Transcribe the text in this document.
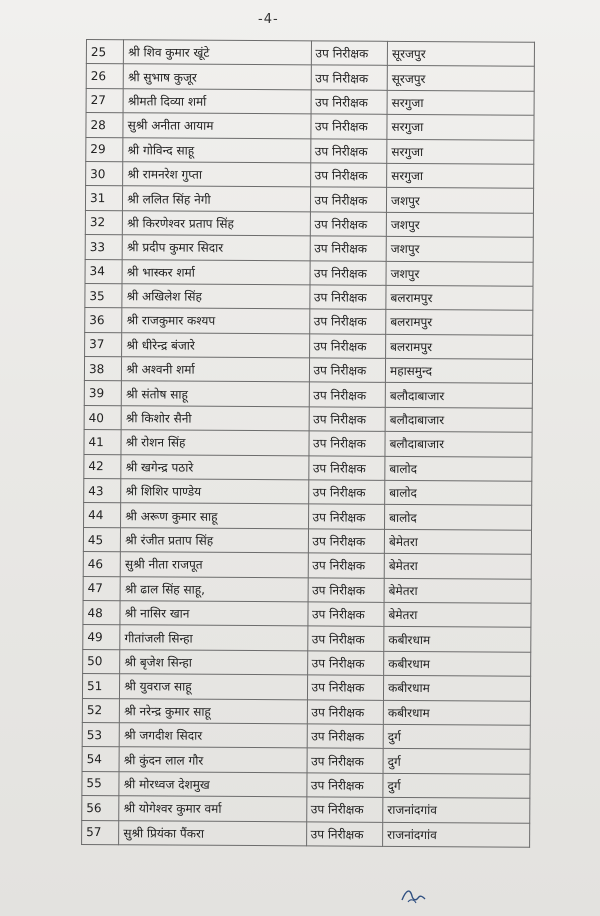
-4-
25	श्री शिव कुमार खूंटे	उप निरीक्षक	सूरजपुर
26	श्री सुभाष कुजूर	उप निरीक्षक	सूरजपुर
27	श्रीमती दिव्या शर्मा	उप निरीक्षक	सरगुजा
28	सुश्री अनीता आयाम	उप निरीक्षक	सरगुजा
29	श्री गोविन्द साहू	उप निरीक्षक	सरगुजा
30	श्री रामनरेश गुप्ता	उप निरीक्षक	सरगुजा
31	श्री ललित सिंह नेगी	उप निरीक्षक	जशपुर
32	श्री किरणेश्वर प्रताप सिंह	उप निरीक्षक	जशपुर
33	श्री प्रदीप कुमार सिदार	उप निरीक्षक	जशपुर
34	श्री भास्कर शर्मा	उप निरीक्षक	जशपुर
35	श्री अखिलेश सिंह	उप निरीक्षक	बलरामपुर
36	श्री राजकुमार कश्यप	उप निरीक्षक	बलरामपुर
37	श्री धीरेन्द्र बंजारे	उप निरीक्षक	बलरामपुर
38	श्री अश्वनी शर्मा	उप निरीक्षक	महासमुन्द
39	श्री संतोष साहू	उप निरीक्षक	बलौदाबाजार
40	श्री किशोर सैनी	उप निरीक्षक	बलौदाबाजार
41	श्री रोशन सिंह	उप निरीक्षक	बलौदाबाजार
42	श्री खगेन्द्र पठारे	उप निरीक्षक	बालोद
43	श्री शिशिर पाण्डेय	उप निरीक्षक	बालोद
44	श्री अरूण कुमार साहू	उप निरीक्षक	बालोद
45	श्री रंजीत प्रताप सिंह	उप निरीक्षक	बेमेतरा
46	सुश्री नीता राजपूत	उप निरीक्षक	बेमेतरा
47	श्री ढाल सिंह साहू,	उप निरीक्षक	बेमेतरा
48	श्री नासिर खान	उप निरीक्षक	बेमेतरा
49	गीतांजली सिन्हा	उप निरीक्षक	कबीरधाम
50	श्री बृजेश सिन्हा	उप निरीक्षक	कबीरधाम
51	श्री युवराज साहू	उप निरीक्षक	कबीरधाम
52	श्री नरेन्द्र कुमार साहू	उप निरीक्षक	कबीरधाम
53	श्री जगदीश सिदार	उप निरीक्षक	दुर्ग
54	श्री कुंदन लाल गौर	उप निरीक्षक	दुर्ग
55	श्री मोरध्वज देशमुख	उप निरीक्षक	दुर्ग
56	श्री योगेश्वर कुमार वर्मा	उप निरीक्षक	राजनांदगांव
57	सुश्री प्रियंका पैंकरा	उप निरीक्षक	राजनांदगांव
